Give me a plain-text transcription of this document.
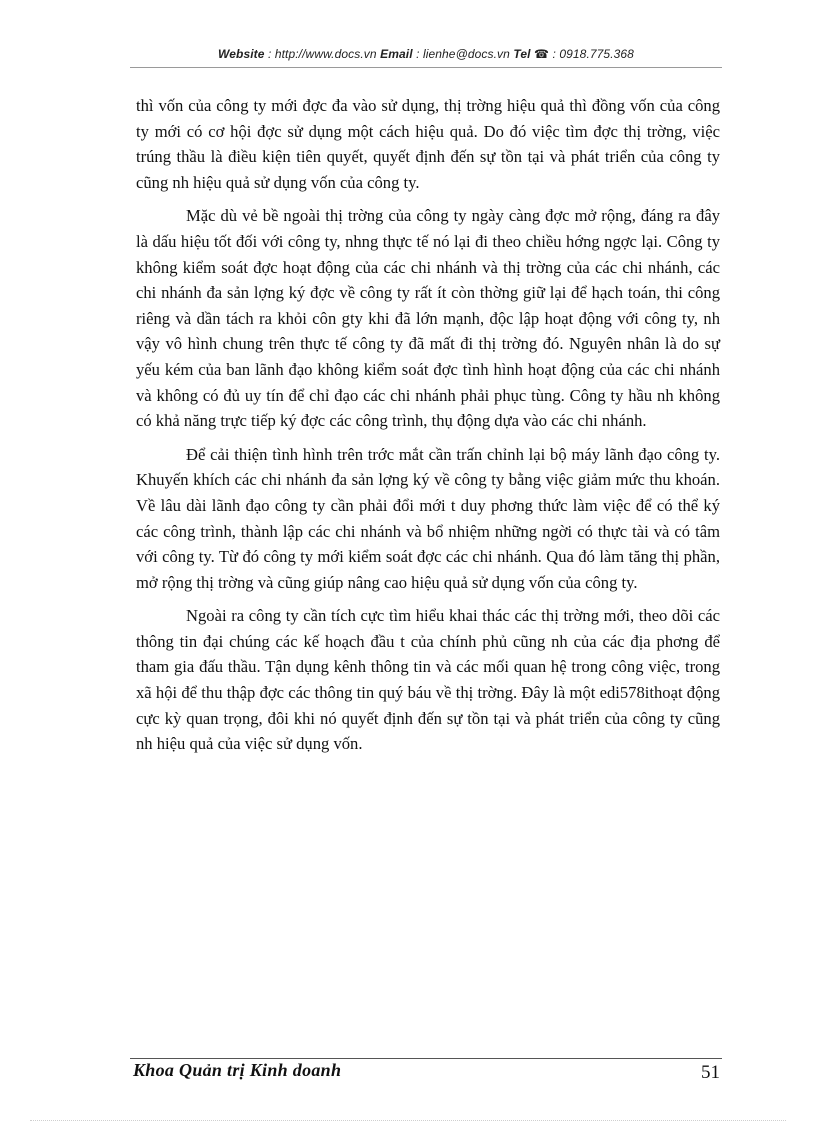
Website : http://www.docs.vn Email : lienhe@docs.vn Tel ☎ : 0918.775.368

thì vốn của công ty mới đợc đa vào sử dụng, thị trờng hiệu quả thì đồng vốn của công ty mới có cơ hội đợc sử dụng một cách hiệu quả. Do đó việc tìm đợc thị trờng, việc trúng thầu là điều kiện tiên quyết, quyết định đến sự tồn tại và phát triển của công ty cũng nh hiệu quả sử dụng vốn của công ty.

Mặc dù vẻ bề ngoài thị trờng của công ty ngày càng đợc mở rộng, đáng ra đây là dấu hiệu tốt đối với công ty, nhng thực tế nó lại đi theo chiều hớng ngợc lại. Công ty không kiểm soát đợc hoạt động của các chi nhánh và thị trờng của các chi nhánh, các chi nhánh đa sản lợng ký đợc về công ty rất ít còn thờng giữ lại để hạch toán, thi công riêng và dần tách ra khỏi côn gty khi đã lớn mạnh, độc lập hoạt động với công ty, nh vậy vô hình chung trên thực tế công ty đã mất đi thị trờng đó. Nguyên nhân là do sự yếu kém của ban lãnh đạo không kiểm soát đợc tình hình hoạt động của các chi nhánh và không có đủ uy tín để chỉ đạo các chi nhánh phải phục tùng. Công ty hầu nh không có khả năng trực tiếp ký đợc các công trình, thụ động dựa vào các chi nhánh.

Để cải thiện tình hình trên trớc mắt cần trấn chỉnh lại bộ máy lãnh đạo công ty. Khuyến khích các chi nhánh đa sản lợng ký về công ty bằng việc giảm mức thu khoán. Về lâu dài lãnh đạo công ty cần phải đổi mới t duy phơng thức làm việc để có thể ký các công trình, thành lập các chi nhánh và bổ nhiệm những ngời có thực tài và có tâm với công ty. Từ đó công ty mới kiểm soát đợc các chi nhánh. Qua đó làm tăng thị phần, mở rộng thị trờng và cũng giúp nâng cao hiệu quả sử dụng vốn của công ty.

Ngoài ra công ty cần tích cực tìm hiểu khai thác các thị trờng mới, theo dõi các thông tin đại chúng các kế hoạch đầu t của chính phủ cũng nh của các địa phơng để tham gia đấu thầu. Tận dụng kênh thông tin và các mối quan hệ trong công việc, trong xã hội để thu thập đợc các thông tin quý báu về thị trờng. Đây là một edi578ithoạt động cực kỳ quan trọng, đôi khi nó quyết định đến sự tồn tại và phát triển của công ty cũng nh hiệu quả của việc sử dụng vốn.

Khoa Quản trị Kinh doanh	51
